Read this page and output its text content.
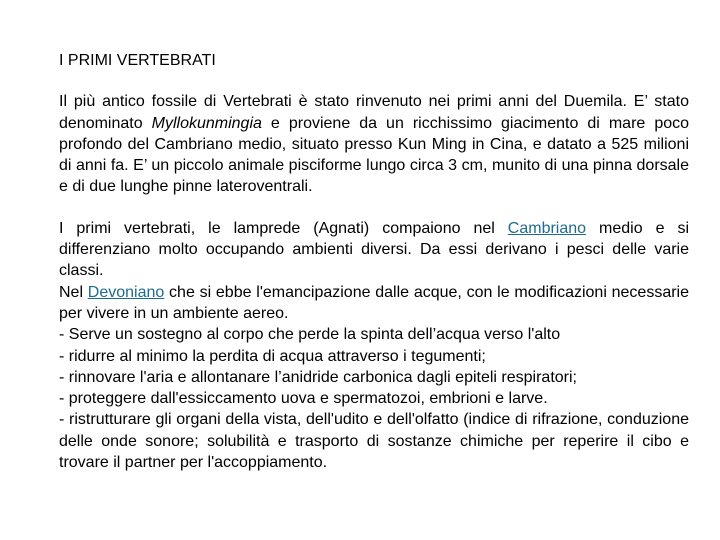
I PRIMI VERTEBRATI

Il più antico fossile di Vertebrati è stato rinvenuto nei primi anni del Duemila. E’ stato denominato Myllokunmingia e proviene da un ricchissimo giacimento di mare poco profondo del Cambriano medio, situato presso Kun Ming in Cina, e datato a 525 milioni di anni fa. E’ un piccolo animale pisciforme lungo circa 3 cm, munito di una pinna dorsale e di due lunghe pinne lateroventrali.

I primi vertebrati, le lamprede (Agnati) compaiono nel Cambriano medio e si differenziano molto occupando ambienti diversi. Da essi derivano i pesci delle varie classi.

Nel Devoniano che si ebbe l'emancipazione dalle acque, con le modificazioni necessarie per vivere in un ambiente aereo.

- Serve un sostegno al corpo che perde la spinta dell’acqua verso l'alto
- ridurre al minimo la perdita di acqua attraverso i tegumenti;
- rinnovare l'aria e allontanare l’anidride carbonica dagli epiteli respiratori;
- proteggere dall'essiccamento uova e spermatozoi, embrioni e larve.

- ristrutturare gli organi della vista, dell'udito e dell'olfatto (indice di rifrazione, conduzione delle onde sonore; solubilità e trasporto di sostanze chimiche per reperire il cibo e trovare il partner per l'accoppiamento.
